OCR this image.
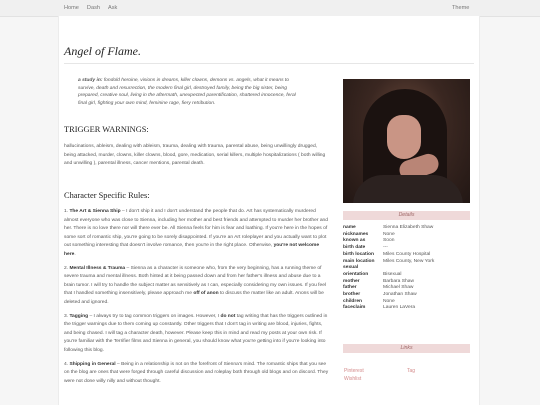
Home Dash Ask	Theme
Angel of Flame.
a study in: fondold heroine, visions in dreams, killer clowns, demons vs. angels, what it means to survive, death and resurrection, the modern final girl, destroyed family, being the big sister, being prepared, creative soul, living in the aftermath, unexpected parentification, shattered innocence, feral final girl, fighting your own mind, feminine rage, fiery retribution.
TRIGGER WARNINGS:
hallucinations, ableism, dealing with ableism, trauma, dealing with trauma, parental abuse, being unwillingly drugged, being attacked, murder, clowns, killer clowns, blood, gore, medication, serial killers, multiple hospitalizations ( both willing and unwilling ), parental illness, cancer mentions, parental death.
Character Specific Rules:

1. The Art & Sienna Ship – I don't ship it and I don't understand the people that do. Art has systematically murdered almost everyone who was close to Sienna, including her mother and best friends and attempted to murder her brother and her. There is no love there nor will there ever be. All Sienna feels for him is fear and loathing. If you're here in the hopes of some sort of romantic ship, you're going to be sorely disappointed. If you're an Art roleplayer and you actually want to plot out something interesting that doesn't involve romance, then you're in the right place. Otherwise, you're not welcome here.

2. Mental Illness & Trauma – Sienna as a character is someone who, from the very beginning, has a running theme of severe trauma and mental illness. Both hinted at it being passed down and from her father's illness and abuse due to a brain tumor. I will try to handle the subject matter as sensitively as I can, especially considering my own issues. If you feel that I handled something insensitively, please approach me off of anon to discuss the matter like an adult. Anons will be deleted and ignored.

3. Tagging – I always try to tag common triggers on images. However, I do not tag writing that has the triggers outlined in the trigger warnings due to them coming up constantly. Other triggers that I don't tag in writing are blood, injuries, fights, and being chased. I will tag a character death, however. Please keep this in mind and read my posts at your own risk. If you're familiar with the Terrifier films and Sienna in general, you should know what you're getting into if you're looking into following this blog.

4. Shipping in General – Being in a relationship is not on the forefront of Sienna's mind. The romantic ships that you see on the blog are ones that were forged through careful discussion and roleplay both through old blogs and on discord. They were not done willy nilly and without thought.

Details
name	Sienna Elizabeth Shaw
nicknames	None
known as	Soon
birth date	---
birth location	Miles County Hospital
main location	Miles County, New York
sexual
orientation	Bisexual
mother	Barbara Shaw
father	Michael Shaw
brother	Jonathan Shaw
children	None
faceclaim	Lauren LaVera
Links
Pinterest
Wishlist
Tag
